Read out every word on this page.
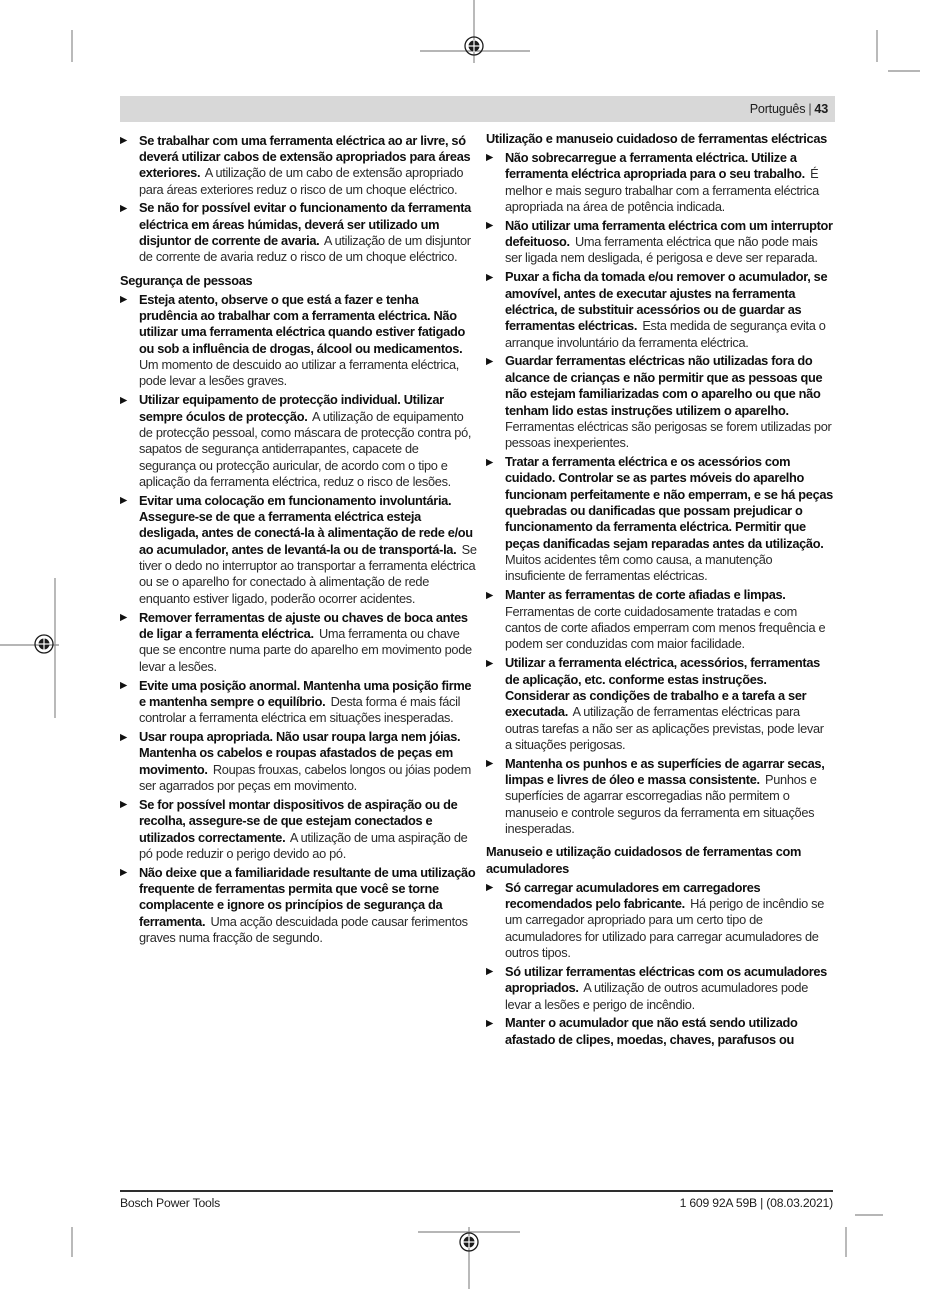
Português | 43
▶ Se trabalhar com uma ferramenta eléctrica ao ar livre, só deverá utilizar cabos de extensão apropriados para áreas exteriores. A utilização de um cabo de extensão apropriado para áreas exteriores reduz o risco de um choque eléctrico.
▶ Se não for possível evitar o funcionamento da ferramenta eléctrica em áreas húmidas, deverá ser utilizado um disjuntor de corrente de avaria. A utilização de um disjuntor de corrente de avaria reduz o risco de um choque eléctrico.
Segurança de pessoas
▶ Esteja atento, observe o que está a fazer e tenha prudência ao trabalhar com a ferramenta eléctrica. Não utilizar uma ferramenta eléctrica quando estiver fatigado ou sob a influência de drogas, álcool ou medicamentos. Um momento de descuido ao utilizar a ferramenta eléctrica, pode levar a lesões graves.
▶ Utilizar equipamento de protecção individual. Utilizar sempre óculos de protecção. A utilização de equipamento de protecção pessoal, como máscara de protecção contra pó, sapatos de segurança antiderrapantes, capacete de segurança ou protecção auricular, de acordo com o tipo e aplicação da ferramenta eléctrica, reduz o risco de lesões.
▶ Evitar uma colocação em funcionamento involuntária. Assegure-se de que a ferramenta eléctrica esteja desligada, antes de conectá-la à alimentação de rede e/ou ao acumulador, antes de levantá-la ou de transportá-la. Se tiver o dedo no interruptor ao transportar a ferramenta eléctrica ou se o aparelho for conectado à alimentação de rede enquanto estiver ligado, poderão ocorrer acidentes.
▶ Remover ferramentas de ajuste ou chaves de boca antes de ligar a ferramenta eléctrica. Uma ferramenta ou chave que se encontre numa parte do aparelho em movimento pode levar a lesões.
▶ Evite uma posição anormal. Mantenha uma posição firme e mantenha sempre o equilíbrio. Desta forma é mais fácil controlar a ferramenta eléctrica em situações inesperadas.
▶ Usar roupa apropriada. Não usar roupa larga nem jóias. Mantenha os cabelos e roupas afastados de peças em movimento. Roupas frouxas, cabelos longos ou jóias podem ser agarrados por peças em movimento.
▶ Se for possível montar dispositivos de aspiração ou de recolha, assegure-se de que estejam conectados e utilizados correctamente. A utilização de uma aspiração de pó pode reduzir o perigo devido ao pó.
▶ Não deixe que a familiaridade resultante de uma utilização frequente de ferramentas permita que você se torne complacente e ignore os princípios de segurança da ferramenta. Uma acção descuidada pode causar ferimentos graves numa fracção de segundo.
Utilização e manuseio cuidadoso de ferramentas eléctricas
▶ Não sobrecarregue a ferramenta eléctrica. Utilize a ferramenta eléctrica apropriada para o seu trabalho. É melhor e mais seguro trabalhar com a ferramenta eléctrica apropriada na área de potência indicada.
▶ Não utilizar uma ferramenta eléctrica com um interruptor defeituoso. Uma ferramenta eléctrica que não pode mais ser ligada nem desligada, é perigosa e deve ser reparada.
▶ Puxar a ficha da tomada e/ou remover o acumulador, se amovível, antes de executar ajustes na ferramenta eléctrica, de substituir acessórios ou de guardar as ferramentas eléctricas. Esta medida de segurança evita o arranque involuntário da ferramenta eléctrica.
▶ Guardar ferramentas eléctricas não utilizadas fora do alcance de crianças e não permitir que as pessoas que não estejam familiarizadas com o aparelho ou que não tenham lido estas instruções utilizem o aparelho. Ferramentas eléctricas são perigosas se forem utilizadas por pessoas inexperientes.
▶ Tratar a ferramenta eléctrica e os acessórios com cuidado. Controlar se as partes móveis do aparelho funcionam perfeitamente e não emperram, e se há peças quebradas ou danificadas que possam prejudicar o funcionamento da ferramenta eléctrica. Permitir que peças danificadas sejam reparadas antes da utilização. Muitos acidentes têm como causa, a manutenção insuficiente de ferramentas eléctricas.
▶ Manter as ferramentas de corte afiadas e limpas. Ferramentas de corte cuidadosamente tratadas e com cantos de corte afiados emperram com menos frequência e podem ser conduzidas com maior facilidade.
▶ Utilizar a ferramenta eléctrica, acessórios, ferramentas de aplicação, etc. conforme estas instruções. Considerar as condições de trabalho e a tarefa a ser executada. A utilização de ferramentas eléctricas para outras tarefas a não ser as aplicações previstas, pode levar a situações perigosas.
▶ Mantenha os punhos e as superfícies de agarrar secas, limpas e livres de óleo e massa consistente. Punhos e superfícies de agarrar escorregadias não permitem o manuseio e controle seguros da ferramenta em situações inesperadas.
Manuseio e utilização cuidadosos de ferramentas com acumuladores
▶ Só carregar acumuladores em carregadores recomendados pelo fabricante. Há perigo de incêndio se um carregador apropriado para um certo tipo de acumuladores for utilizado para carregar acumuladores de outros tipos.
▶ Só utilizar ferramentas eléctricas com os acumuladores apropriados. A utilização de outros acumuladores pode levar a lesões e perigo de incêndio.
▶ Manter o acumulador que não está sendo utilizado afastado de clipes, moedas, chaves, parafusos ou
Bosch Power Tools	1 609 92A 59B | (08.03.2021)
